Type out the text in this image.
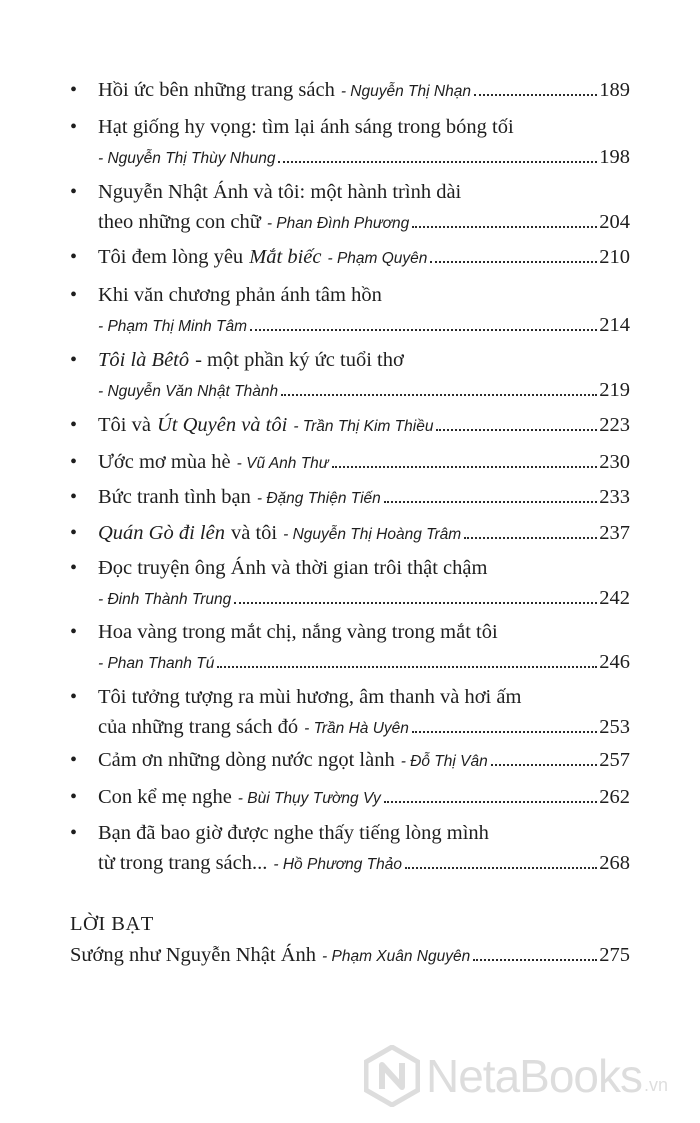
•	Hồi ức bên những trang sách - Nguyễn Thị Nhạn	189
•	Hạt giống hy vọng: tìm lại ánh sáng trong bóng tối
- Nguyễn Thị Thùy Nhung	198
•	Nguyễn Nhật Ánh và tôi: một hành trình dài
theo những con chữ - Phan Đình Phương	204
•	Tôi đem lòng yêu Mắt biếc - Phạm Quyên	210
•	Khi văn chương phản ánh tâm hồn
- Phạm Thị Minh Tâm	214
•	Tôi là Bêtô - một phần ký ức tuổi thơ
- Nguyễn Văn Nhật Thành	219
•	Tôi và Út Quyên và tôi - Trần Thị Kim Thiều	223
•	Ước mơ mùa hè - Vũ Anh Thư	230
•	Bức tranh tình bạn - Đặng Thiện Tiến	233
•	Quán Gò đi lên và tôi - Nguyễn Thị Hoàng Trâm	237
•	Đọc truyện ông Ánh và thời gian trôi thật chậm
- Đinh Thành Trung	242
•	Hoa vàng trong mắt chị, nắng vàng trong mắt tôi
- Phan Thanh Tú	246
•	Tôi tưởng tượng ra mùi hương, âm thanh và hơi ấm
của những trang sách đó - Trần Hà Uyên	253
•	Cảm ơn những dòng nước ngọt lành - Đỗ Thị Vân	257
•	Con kể mẹ nghe - Bùi Thụy Tường Vy	262
•	Bạn đã bao giờ được nghe thấy tiếng lòng mình
từ trong trang sách... - Hồ Phương Thảo	268
LỜI BẠT
Sướng như Nguyễn Nhật Ánh - Phạm Xuân Nguyên	275
NetaBooks .vn
